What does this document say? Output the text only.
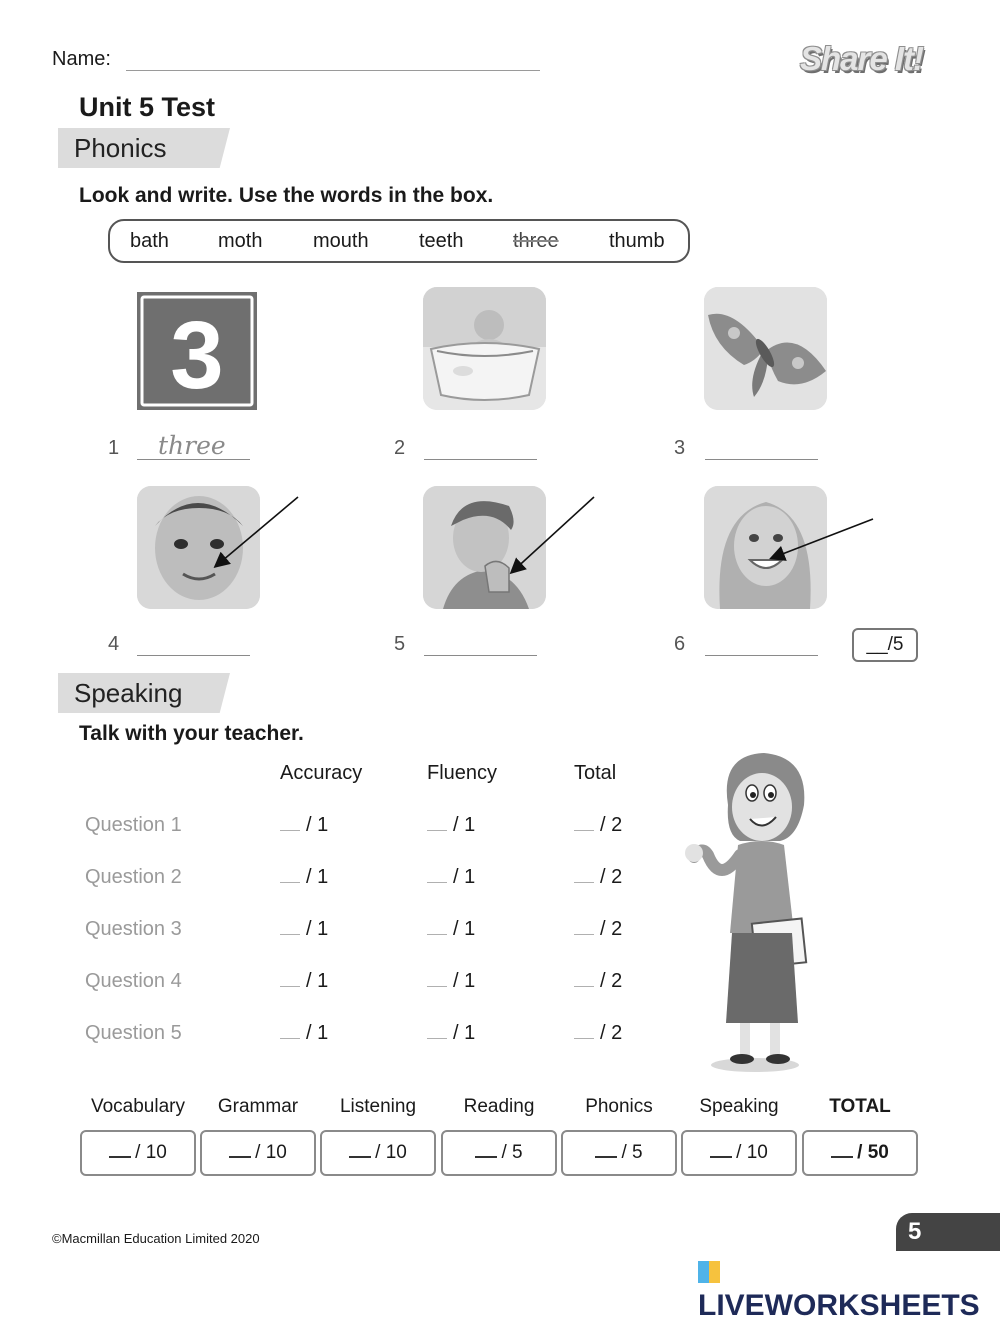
Name:	Share It!
Unit 5 Test
Phonics
Look and write. Use the words in the box.
bath moth	mouth	teeth three	thumb
3
1 three	2	3
4	5	6	__/5
Speaking
Talk with your teacher.
Accuracy	Fluency	Total
Question 1	/ 1	/ 1	/ 2
Question 2	/ 1	/ 1	/ 2
Question 3	/ 1	/ 1	/ 2
Question 4	/ 1	/ 1	/ 2
Question 5	/ 1	/ 1	/ 2
Vocabulary	Grammar	Listening	Reading	Phonics	Speaking	TOTAL
/ 10	/ 10	/ 10	/ 5	/ 5	/ 10	/ 50
©Macmillan Education Limited 2020	5
LIVEWORKSHEETS
